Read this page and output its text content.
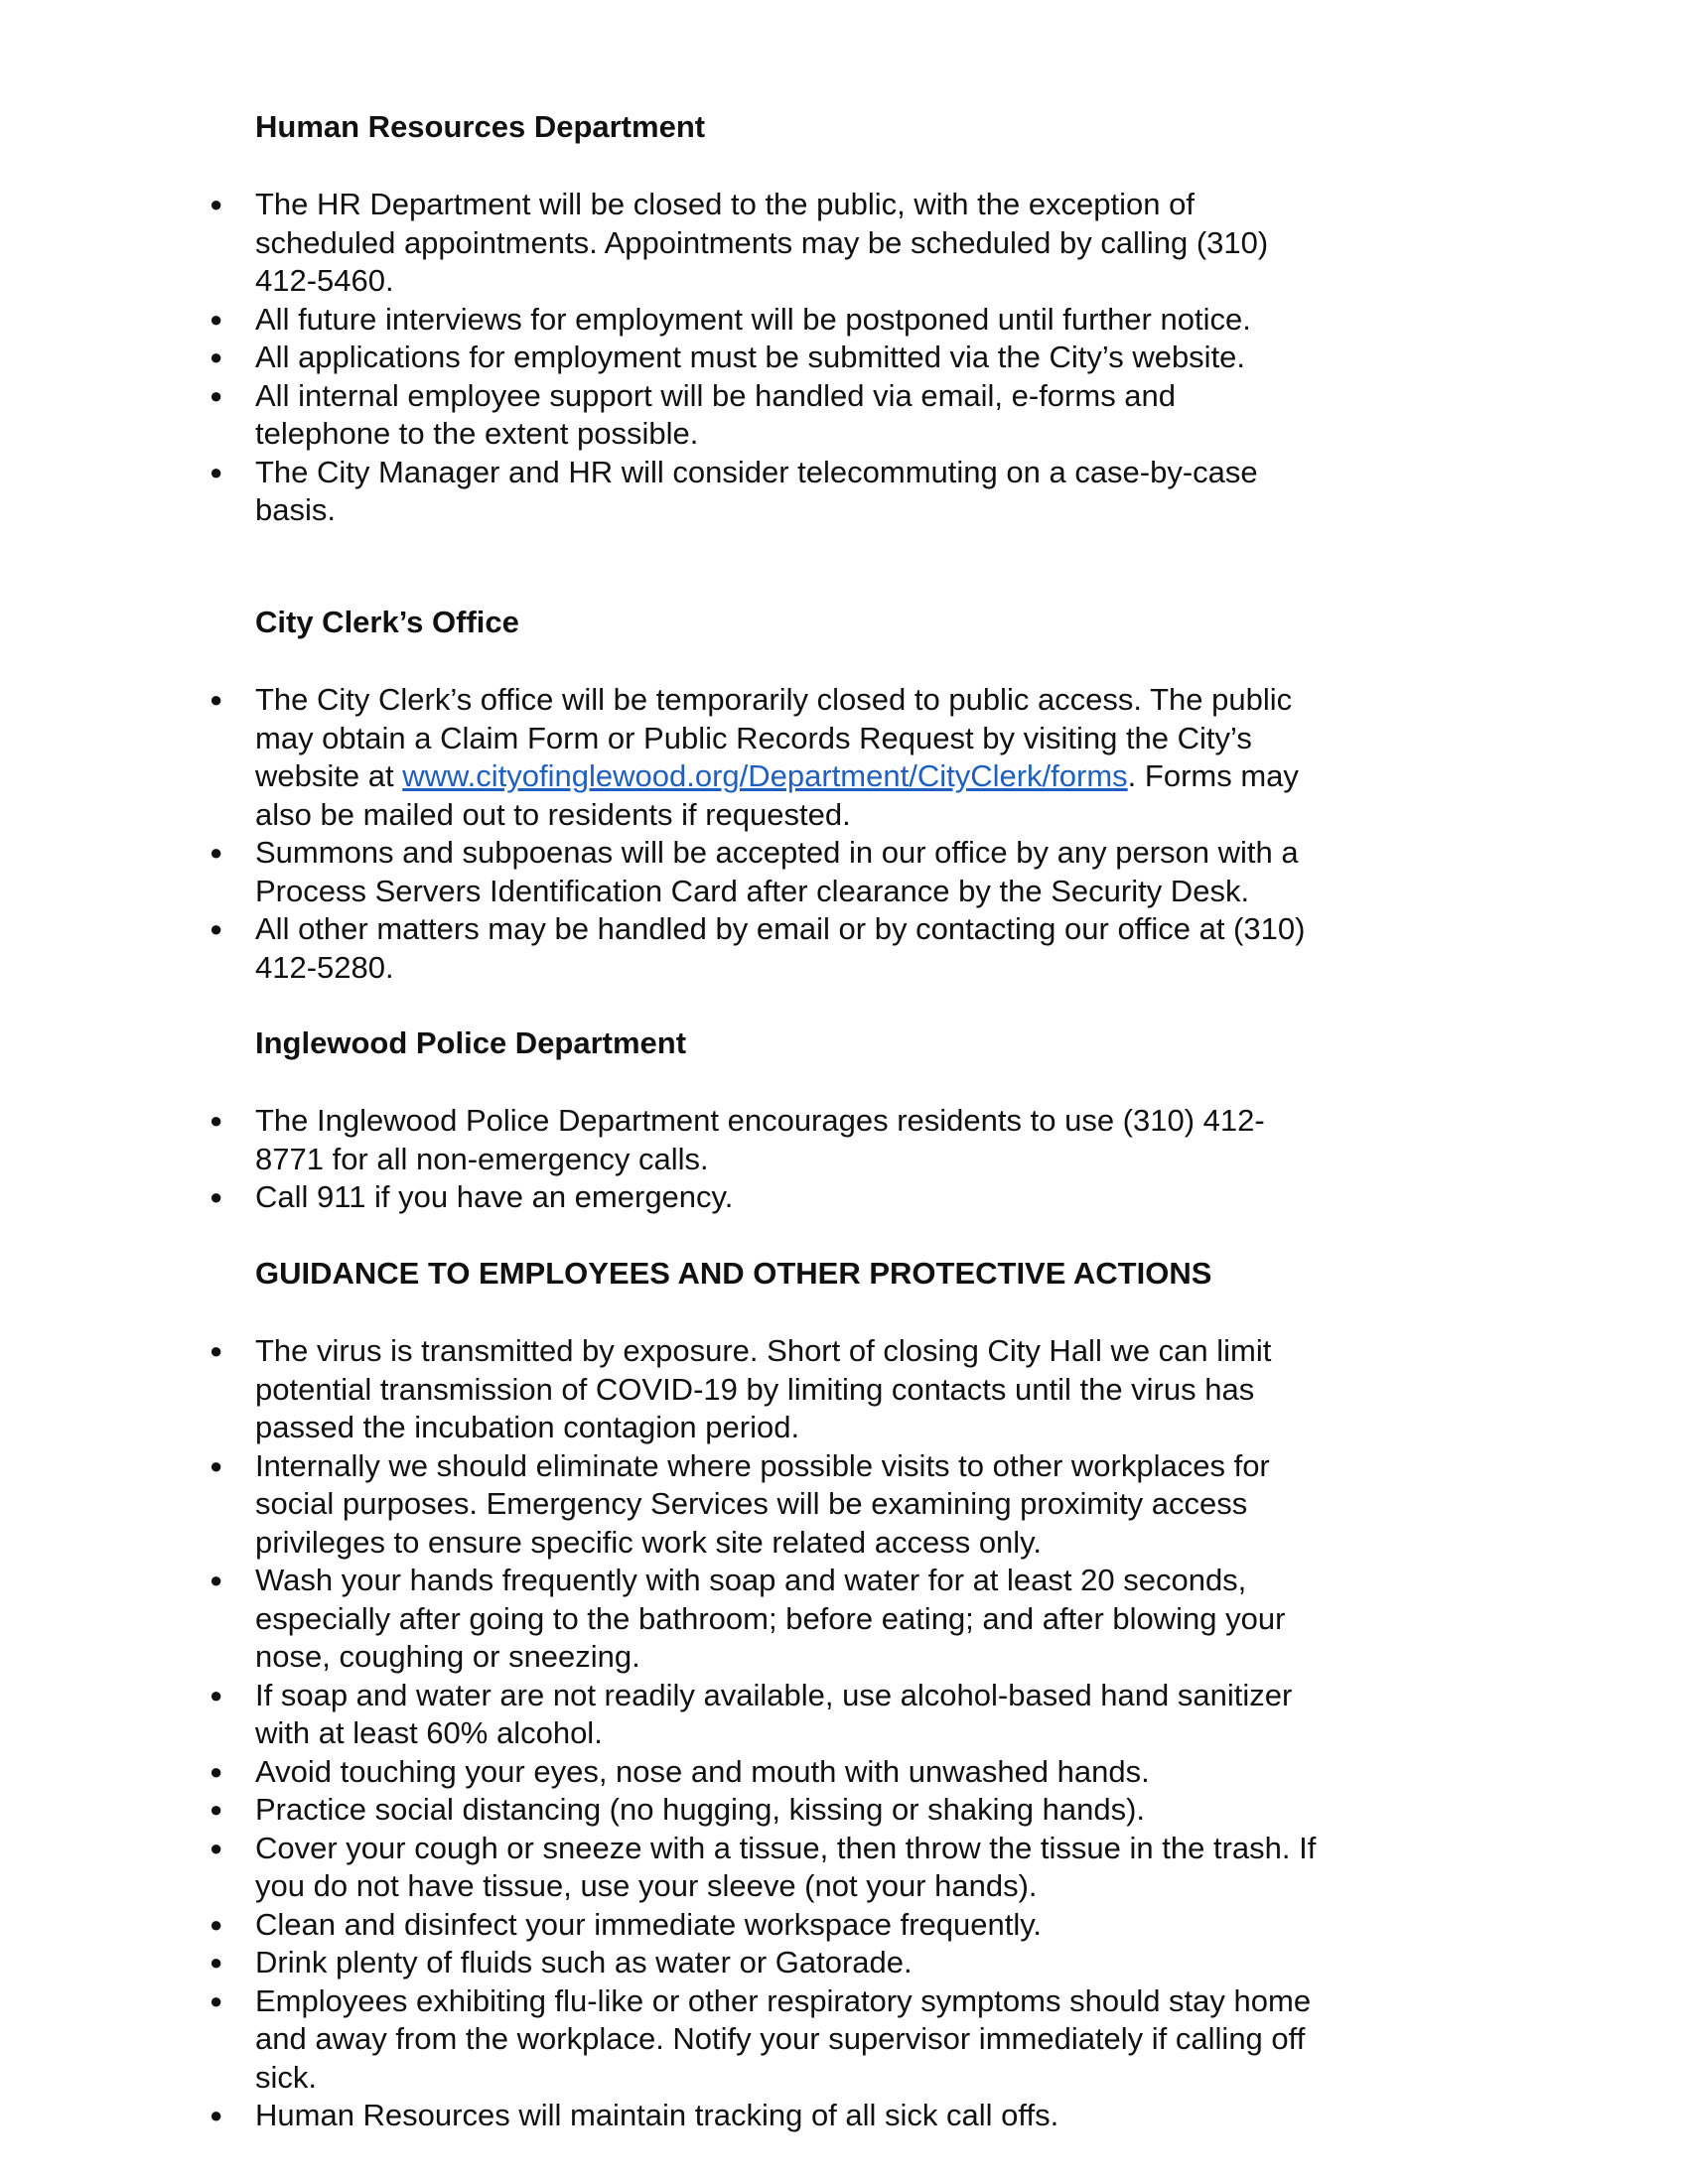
Human Resources Department
● The HR Department will be closed to the public, with the exception of
scheduled appointments. Appointments may be scheduled by calling (310)
412-5460.
● All future interviews for employment will be postponed until further notice.
● All applications for employment must be submitted via the City’s website.
● All internal employee support will be handled via email, e-forms and
telephone to the extent possible.
● The City Manager and HR will consider telecommuting on a case-by-case
basis.
City Clerk’s Office
● The City Clerk’s office will be temporarily closed to public access. The public
may obtain a Claim Form or Public Records Request by visiting the City’s
website at www.cityofinglewood.org/Department/CityClerk/forms. Forms may
also be mailed out to residents if requested.
● Summons and subpoenas will be accepted in our office by any person with a
Process Servers Identification Card after clearance by the Security Desk.
● All other matters may be handled by email or by contacting our office at (310)
412-5280.
Inglewood Police Department
● The Inglewood Police Department encourages residents to use (310) 412-
8771 for all non-emergency calls.
● Call 911 if you have an emergency.
GUIDANCE TO EMPLOYEES AND OTHER PROTECTIVE ACTIONS
● The virus is transmitted by exposure. Short of closing City Hall we can limit
potential transmission of COVID-19 by limiting contacts until the virus has
passed the incubation contagion period.
● Internally we should eliminate where possible visits to other workplaces for
social purposes. Emergency Services will be examining proximity access
privileges to ensure specific work site related access only.
● Wash your hands frequently with soap and water for at least 20 seconds,
especially after going to the bathroom; before eating; and after blowing your
nose, coughing or sneezing.
● If soap and water are not readily available, use alcohol-based hand sanitizer
with at least 60% alcohol.
● Avoid touching your eyes, nose and mouth with unwashed hands.
● Practice social distancing (no hugging, kissing or shaking hands).
● Cover your cough or sneeze with a tissue, then throw the tissue in the trash. If
you do not have tissue, use your sleeve (not your hands).
● Clean and disinfect your immediate workspace frequently.
● Drink plenty of fluids such as water or Gatorade.
● Employees exhibiting flu-like or other respiratory symptoms should stay home
and away from the workplace. Notify your supervisor immediately if calling off
sick.
● Human Resources will maintain tracking of all sick call offs.
